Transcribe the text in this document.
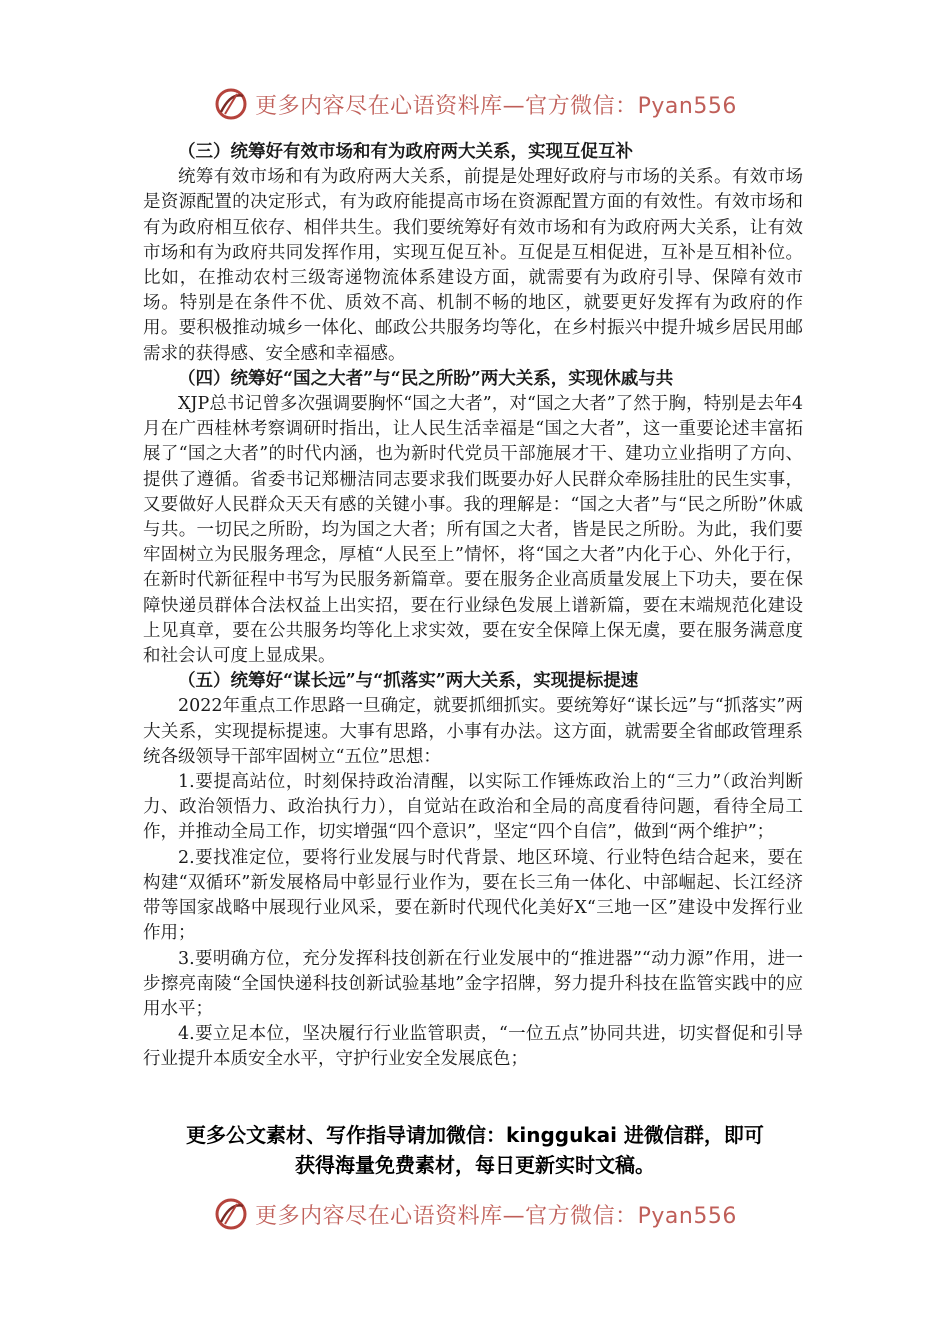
更多内容尽在心语资料库—官方微信：Pyan556

（三）统筹好有效市场和有为政府两大关系，实现互促互补

统筹有效市场和有为政府两大关系，前提是处理好政府与市场的关系。有效市场是资源配置的决定形式，有为政府能提高市场在资源配置方面的有效性。有效市场和有为政府相互依存、相伴共生。我们要统筹好有效市场和有为政府两大关系，让有效市场和有为政府共同发挥作用，实现互促互补。互促是互相促进，互补是互相补位。比如，在推动农村三级寄递物流体系建设方面，就需要有为政府引导、保障有效市场。特别是在条件不优、质效不高、机制不畅的地区，就要更好发挥有为政府的作用。要积极推动城乡一体化、邮政公共服务均等化，在乡村振兴中提升城乡居民用邮需求的获得感、安全感和幸福感。

（四）统筹好“国之大者”与“民之所盼”两大关系，实现休戚与共

XJP总书记曾多次强调要胸怀“国之大者”，对“国之大者”了然于胸，特别是去年4月在广西桂林考察调研时指出，让人民生活幸福是“国之大者”，这一重要论述丰富拓展了“国之大者”的时代内涵，也为新时代党员干部施展才干、建功立业指明了方向、提供了遵循。省委书记郑栅洁同志要求我们既要办好人民群众牵肠挂肚的民生实事，又要做好人民群众天天有感的关键小事。我的理解是：“国之大者”与“民之所盼”休戚与共。一切民之所盼，均为国之大者；所有国之大者，皆是民之所盼。为此，我们要牢固树立为民服务理念，厚植“人民至上”情怀，将“国之大者”内化于心、外化于行，在新时代新征程中书写为民服务新篇章。要在服务企业高质量发展上下功夫，要在保障快递员群体合法权益上出实招，要在行业绿色发展上谱新篇，要在末端规范化建设上见真章，要在公共服务均等化上求实效，要在安全保障上保无虞，要在服务满意度和社会认可度上显成果。

（五）统筹好“谋长远”与“抓落实”两大关系，实现提标提速

2022年重点工作思路一旦确定，就要抓细抓实。要统筹好“谋长远”与“抓落实”两大关系，实现提标提速。大事有思路，小事有办法。这方面，就需要全省邮政管理系统各级领导干部牢固树立“五位”思想：

1.要提高站位，时刻保持政治清醒，以实际工作锤炼政治上的“三力”（政治判断力、政治领悟力、政治执行力），自觉站在政治和全局的高度看待问题，看待全局工作，并推动全局工作，切实增强“四个意识”，坚定“四个自信”，做到“两个维护”；

2.要找准定位，要将行业发展与时代背景、地区环境、行业特色结合起来，要在构建“双循环”新发展格局中彰显行业作为，要在长三角一体化、中部崛起、长江经济带等国家战略中展现行业风采，要在新时代现代化美好X“三地一区”建设中发挥行业作用；

3.要明确方位，充分发挥科技创新在行业发展中的“推进器”“动力源”作用，进一步擦亮南陵“全国快递科技创新试验基地”金字招牌，努力提升科技在监管实践中的应用水平；

4.要立足本位，坚决履行行业监管职责，“一位五点”协同共进，切实督促和引导行业提升本质安全水平，守护行业安全发展底色；

更多公文素材、写作指导请加微信：kinggukai 进微信群，即可
获得海量免费素材，每日更新实时文稿。
更多内容尽在心语资料库—官方微信：Pyan556
